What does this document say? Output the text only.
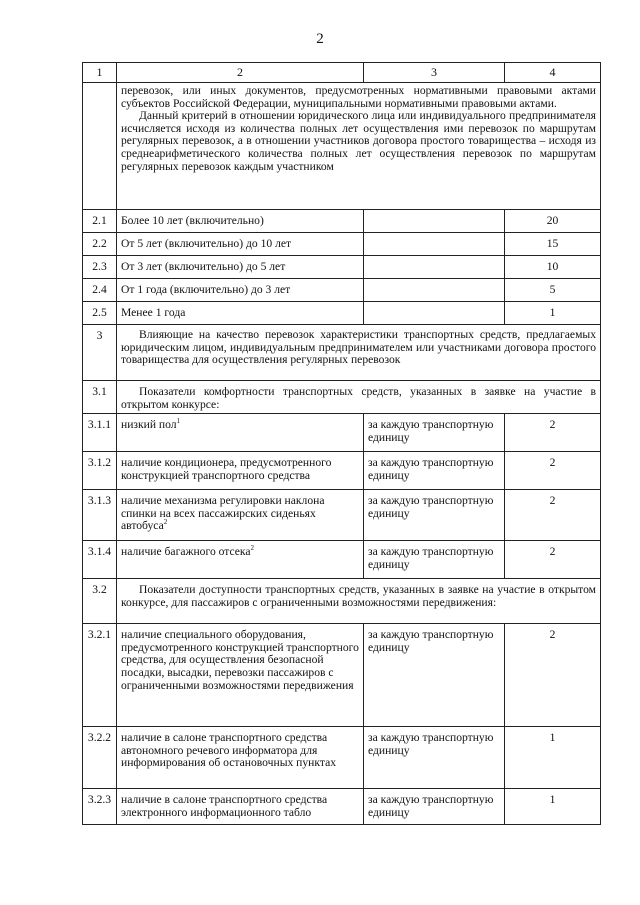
2
1	2	3	4

	перевозок, или иных документов, предусмотренных нормативными правовыми актами субъектов Российской Федерации, муниципальными нормативными правовыми актами.

Данный критерий в отношении юридического лица или индивидуального предпринимателя исчисляется исходя из количества полных лет осуществления ими перевозок по маршрутам регулярных перевозок, а в отношении участников договора простого товарищества – исходя из среднеарифметического количества полных лет осуществления перевозок по маршрутам регулярных перевозок каждым участником		

2.1	Более 10 лет (включительно)		20
2.2	От 5 лет (включительно) до 10 лет		15
2.3	От 3 лет (включительно) до 5 лет		10
2.4	От 1 года (включительно) до 3 лет		5
2.5	Менее 1 года		1
3	Влияющие на качество перевозок характеристики транспортных средств, предлагаемых юридическим лицом, индивидуальным предпринимателем или участниками договора простого товарищества для осуществления регулярных перевозок		
3.1	Показатели комфортности транспортных средств, указанных в заявке на участие в открытом конкурсе:		
3.1.1	низкий пол$^1$	за каждую транспортную единицу	2
3.1.2	наличие кондиционера, предусмотренного конструкцией транспортного средства	за каждую транспортную единицу	2
3.1.3	наличие механизма регулировки наклона спинки на всех пассажирских сиденьях автобуса$^2$	за каждую транспортную единицу	2
3.1.4	наличие багажного отсека$^2$	за каждую транспортную единицу	2
3.2	Показатели доступности транспортных средств, указанных в заявке на участие в открытом конкурсе, для пассажиров с ограниченными возможностями передвижения:		
3.2.1	наличие специального оборудования, предусмотренного конструкцией транспортного средства, для осуществления безопасной посадки, высадки, перевозки пассажиров с ограниченными возможностями передвижения	за каждую транспортную единицу	2
3.2.2	наличие в салоне транспортного средства автономного речевого информатора для информирования об остановочных пунктах	за каждую транспортную единицу	1
3.2.3	наличие в салоне транспортного средства электронного информационного табло	за каждую транспортную единицу	1
